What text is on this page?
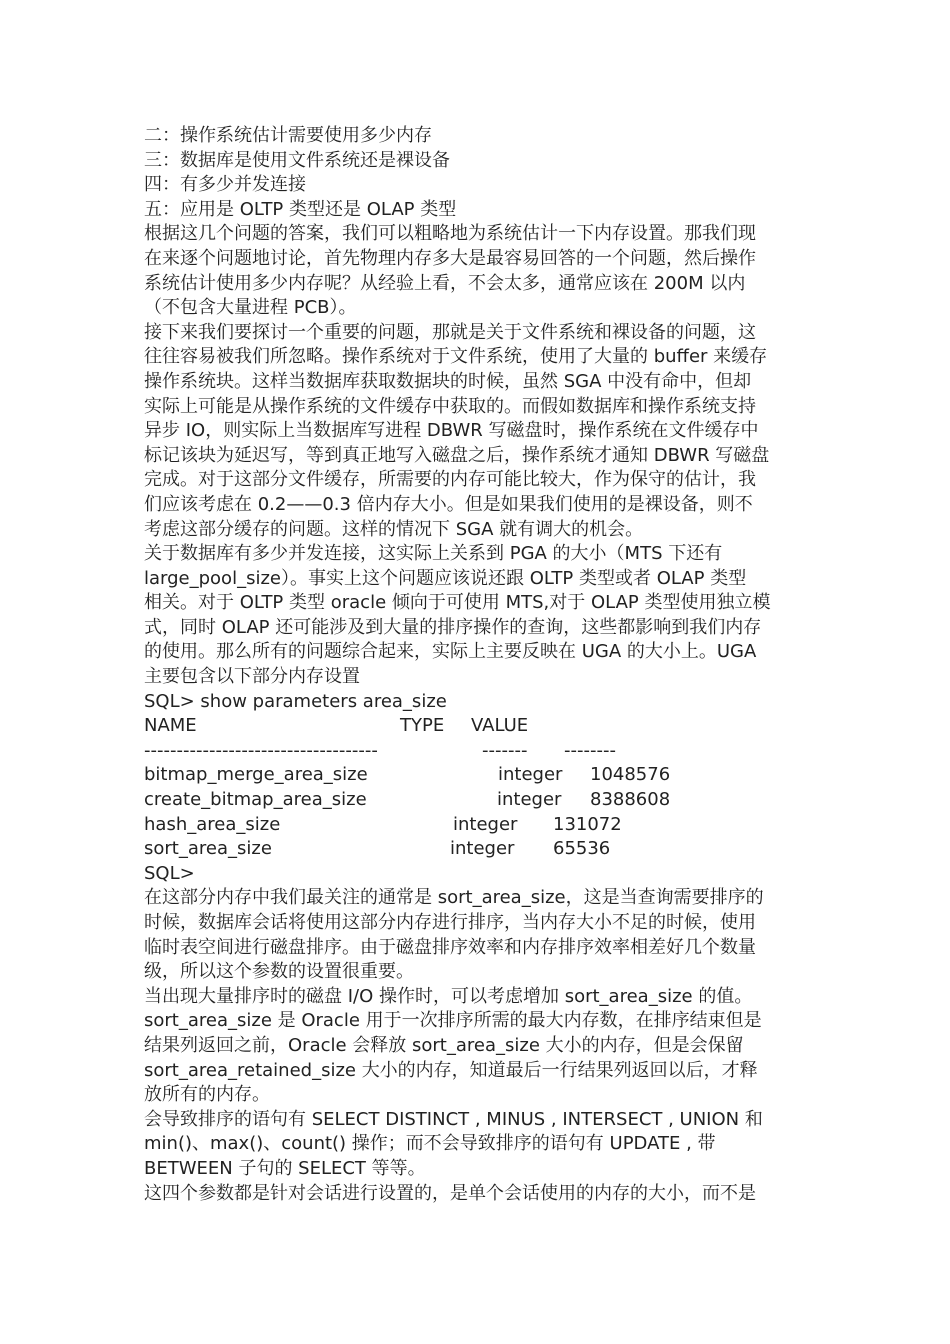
二：操作系统估计需要使用多少内存
三：数据库是使用文件系统还是裸设备
四：有多少并发连接
五：应用是 OLTP 类型还是 OLAP 类型
根据这几个问题的答案，我们可以粗略地为系统估计一下内存设置。那我们现
在来逐个问题地讨论，首先物理内存多大是最容易回答的一个问题，然后操作
系统估计使用多少内存呢？从经验上看，不会太多，通常应该在 200M 以内
（不包含大量进程 PCB）。
接下来我们要探讨一个重要的问题，那就是关于文件系统和裸设备的问题，这
往往容易被我们所忽略。操作系统对于文件系统，使用了大量的 buffer 来缓存
操作系统块。这样当数据库获取数据块的时候，虽然 SGA 中没有命中，但却
实际上可能是从操作系统的文件缓存中获取的。而假如数据库和操作系统支持
异步 IO，则实际上当数据库写进程 DBWR 写磁盘时，操作系统在文件缓存中
标记该块为延迟写，等到真正地写入磁盘之后，操作系统才通知 DBWR 写磁盘
完成。对于这部分文件缓存，所需要的内存可能比较大，作为保守的估计，我
们应该考虑在 0.2——0.3 倍内存大小。但是如果我们使用的是裸设备，则不
考虑这部分缓存的问题。这样的情况下 SGA 就有调大的机会。
关于数据库有多少并发连接，这实际上关系到 PGA 的大小（MTS 下还有
large_pool_size）。事实上这个问题应该说还跟 OLTP 类型或者 OLAP 类型
相关。对于 OLTP 类型 oracle 倾向于可使用 MTS,对于 OLAP 类型使用独立模
式，同时 OLAP 还可能涉及到大量的排序操作的查询，这些都影响到我们内存
的使用。那么所有的问题综合起来，实际上主要反映在 UGA 的大小上。UGA
主要包含以下部分内存设置
SQL> show parameters area_size
NAME	TYPE VALUE
------------------------------------	------- --------
bitmap_merge_area_size	integer 1048576
create_bitmap_area_size	integer 8388608
hash_area_size	integer 131072
sort_area_size	integer 65536
SQL>
在这部分内存中我们最关注的通常是 sort_area_size，这是当查询需要排序的
时候，数据库会话将使用这部分内存进行排序，当内存大小不足的时候，使用
临时表空间进行磁盘排序。由于磁盘排序效率和内存排序效率相差好几个数量
级，所以这个参数的设置很重要。
当出现大量排序时的磁盘 I/O 操作时，可以考虑增加 sort_area_size 的值。
sort_area_size 是 Oracle 用于一次排序所需的最大内存数，在排序结束但是
结果列返回之前，Oracle 会释放 sort_area_size 大小的内存，但是会保留
sort_area_retained_size 大小的内存，知道最后一行结果列返回以后，才释
放所有的内存。
会导致排序的语句有 SELECT DISTINCT , MINUS , INTERSECT , UNION 和
min()、max()、count() 操作；而不会导致排序的语句有 UPDATE , 带
BETWEEN 子句的 SELECT 等等。
这四个参数都是针对会话进行设置的，是单个会话使用的内存的大小，而不是
